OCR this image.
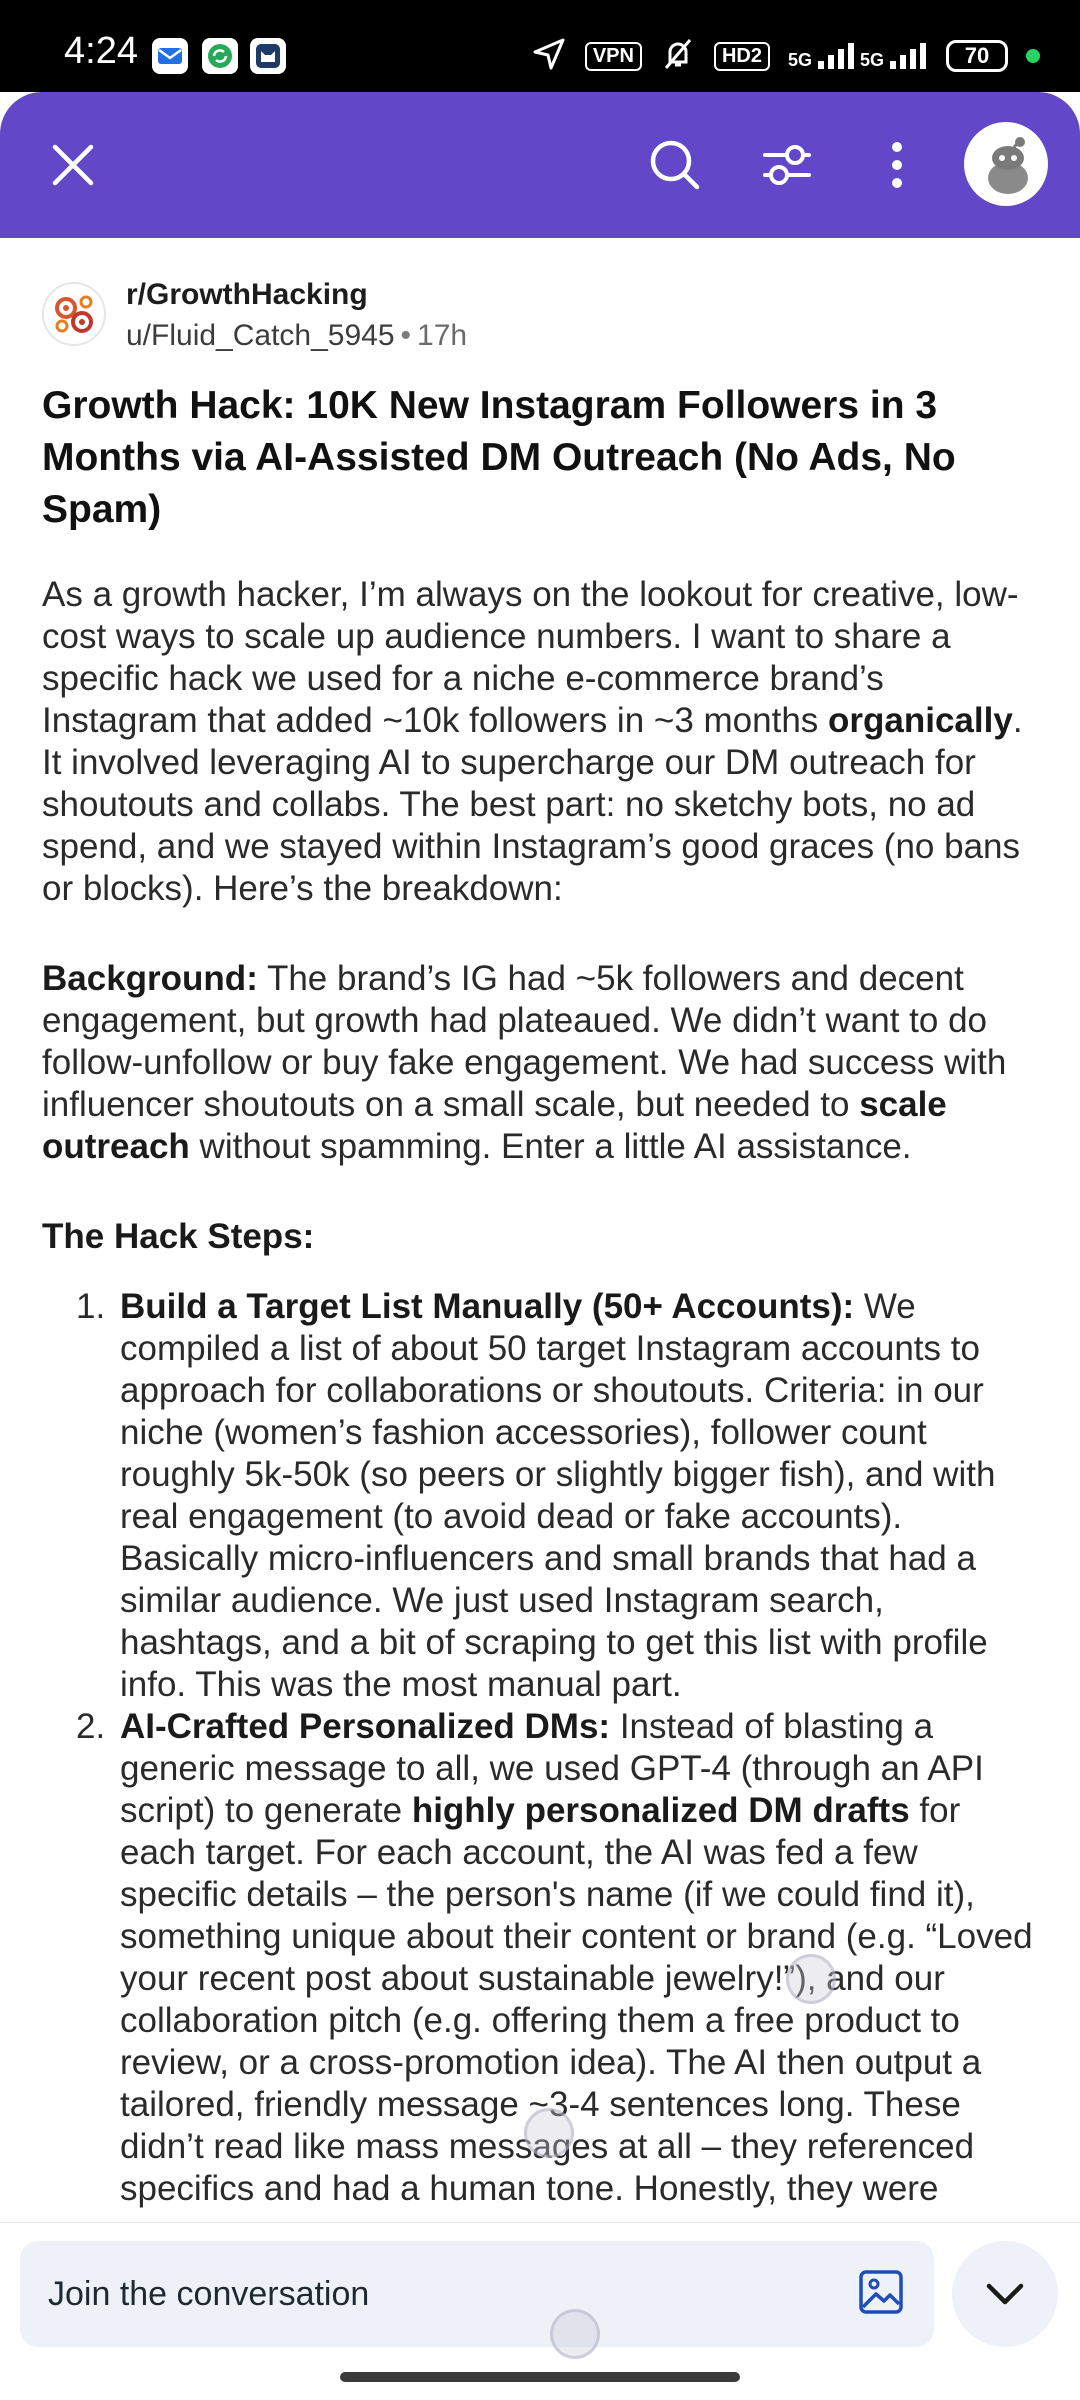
4:24	VPN	HD2	5G	5G	70
r/GrowthHacking
u/Fluid_Catch_5945 • 17h
Growth Hack: 10K New Instagram Followers in 3 Months via AI-Assisted DM Outreach (No Ads, No Spam)

As a growth hacker, I’m always on the lookout for creative, low-cost ways to scale up audience numbers. I want to share a specific hack we used for a niche e-commerce brand’s Instagram that added ~10k followers in ~3 months organically. It involved leveraging AI to supercharge our DM outreach for shoutouts and collabs. The best part: no sketchy bots, no ad spend, and we stayed within Instagram’s good graces (no bans or blocks). Here’s the breakdown:

Background: The brand’s IG had ~5k followers and decent engagement, but growth had plateaued. We didn’t want to do follow-unfollow or buy fake engagement. We had success with influencer shoutouts on a small scale, but needed to scale outreach without spamming. Enter a little AI assistance.

The Hack Steps:
1. Build a Target List Manually (50+ Accounts): We compiled a list of about 50 target Instagram accounts to approach for collaborations or shoutouts. Criteria: in our niche (women’s fashion accessories), follower count roughly 5k-50k (so peers or slightly bigger fish), and with real engagement (to avoid dead or fake accounts). Basically micro-influencers and small brands that had a similar audience. We just used Instagram search, hashtags, and a bit of scraping to get this list with profile info. This was the most manual part.
2. AI-Crafted Personalized DMs: Instead of blasting a generic message to all, we used GPT-4 (through an API script) to generate highly personalized DM drafts for each target. For each account, the AI was fed a few specific details – the person's name (if we could find it), something unique about their content or brand (e.g. “Loved your recent post about sustainable jewelry!”), and our collaboration pitch (e.g. offering them a free product to review, or a cross-promotion idea). The AI then output a tailored, friendly message ~3-4 sentences long. These didn’t read like mass messages at all – they referenced specifics and had a human tone. Honestly, they were
Join the conversation
